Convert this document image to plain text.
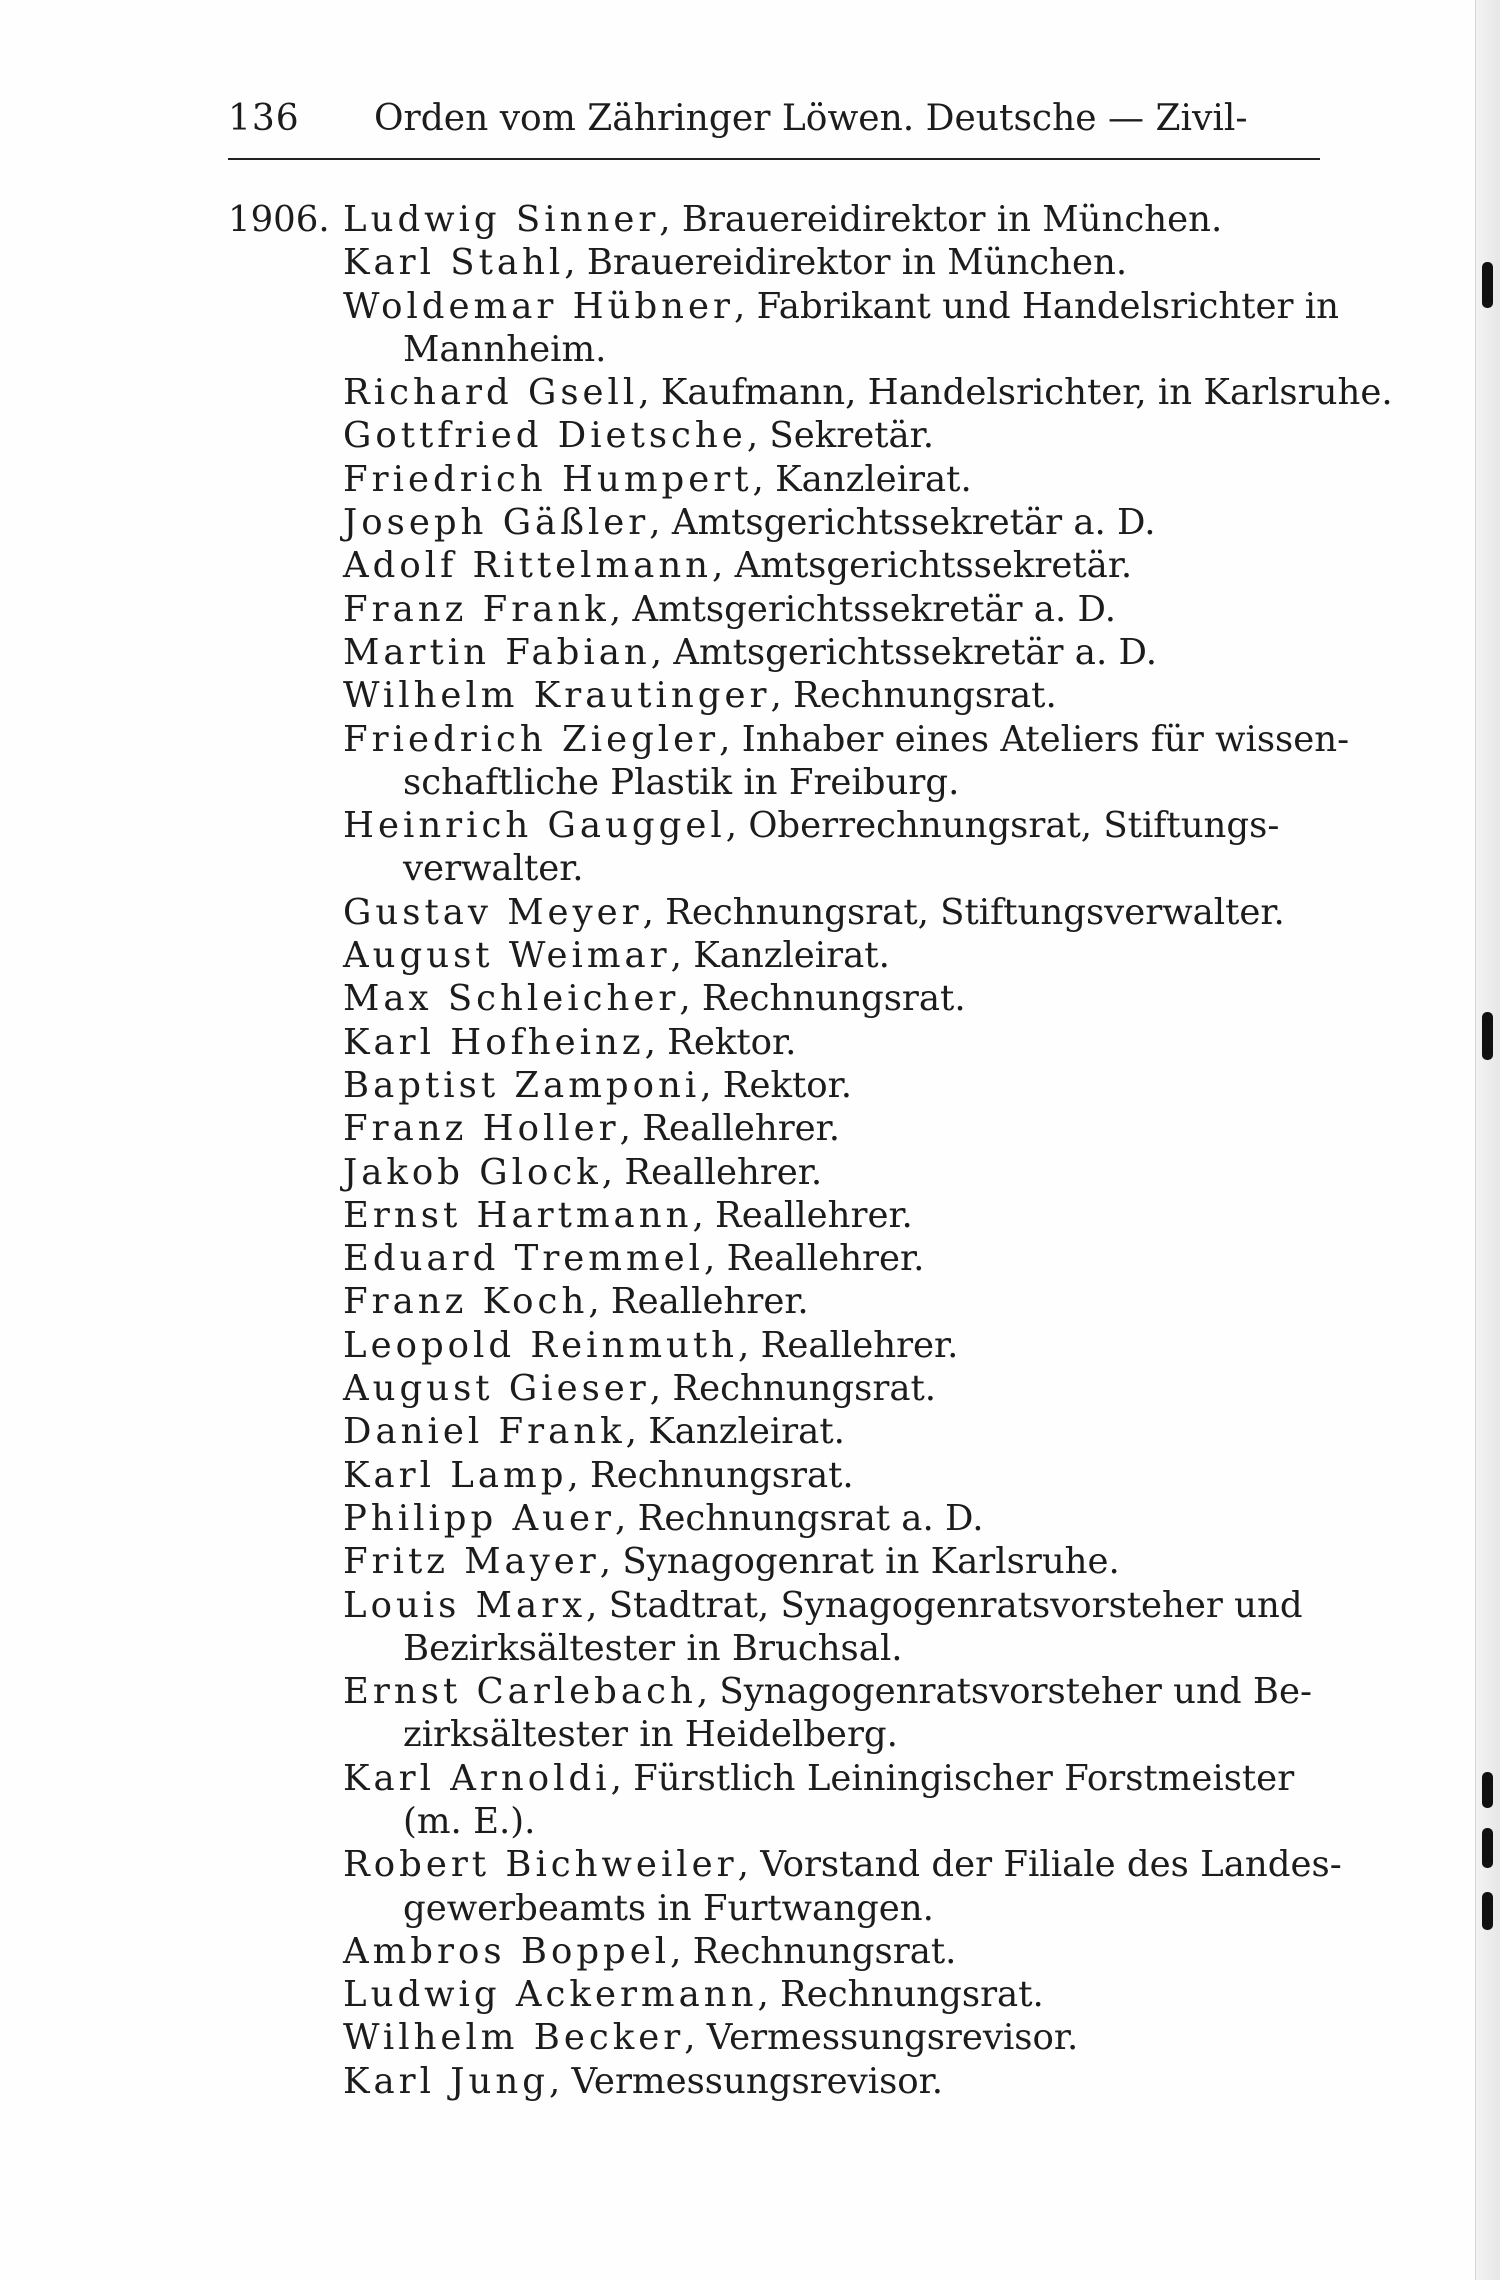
136 Orden vom Zähringer Löwen. Deutsche — Zivil-
1906. Ludwig Sinner, Brauereidirektor in München.
Karl Stahl, Brauereidirektor in München.
Woldemar Hübner, Fabrikant und Handelsrichter in
Mannheim.
Richard Gsell, Kaufmann, Handelsrichter, in Karlsruhe.
Gottfried Dietsche, Sekretär.
Friedrich Humpert, Kanzleirat.
Joseph Gäßler, Amtsgerichtssekretär a. D.
Adolf Rittelmann, Amtsgerichtssekretär.
Franz Frank, Amtsgerichtssekretär a. D.
Martin Fabian, Amtsgerichtssekretär a. D.
Wilhelm Krautinger, Rechnungsrat.
Friedrich Ziegler, Inhaber eines Ateliers für wissen-
schaftliche Plastik in Freiburg.
Heinrich Gauggel, Oberrechnungsrat, Stiftungs-
verwalter.
Gustav Meyer, Rechnungsrat, Stiftungsverwalter.
August Weimar, Kanzleirat.
Max Schleicher, Rechnungsrat.
Karl Hofheinz, Rektor.
Baptist Zamponi, Rektor.
Franz Holler, Reallehrer.
Jakob Glock, Reallehrer.
Ernst Hartmann, Reallehrer.
Eduard Tremmel, Reallehrer.
Franz Koch, Reallehrer.
Leopold Reinmuth, Reallehrer.
August Gieser, Rechnungsrat.
Daniel Frank, Kanzleirat.
Karl Lamp, Rechnungsrat.
Philipp Auer, Rechnungsrat a. D.
Fritz Mayer, Synagogenrat in Karlsruhe.
Louis Marx, Stadtrat, Synagogenratsvorsteher und
Bezirksältester in Bruchsal.
Ernst Carlebach, Synagogenratsvorsteher und Be-
zirksältester in Heidelberg.
Karl Arnoldi, Fürstlich Leiningischer Forstmeister
(m. E.).
Robert Bichweiler, Vorstand der Filiale des Landes-
gewerbeamts in Furtwangen.
Ambros Boppel, Rechnungsrat.
Ludwig Ackermann, Rechnungsrat.
Wilhelm Becker, Vermessungsrevisor.
Karl Jung, Vermessungsrevisor.
